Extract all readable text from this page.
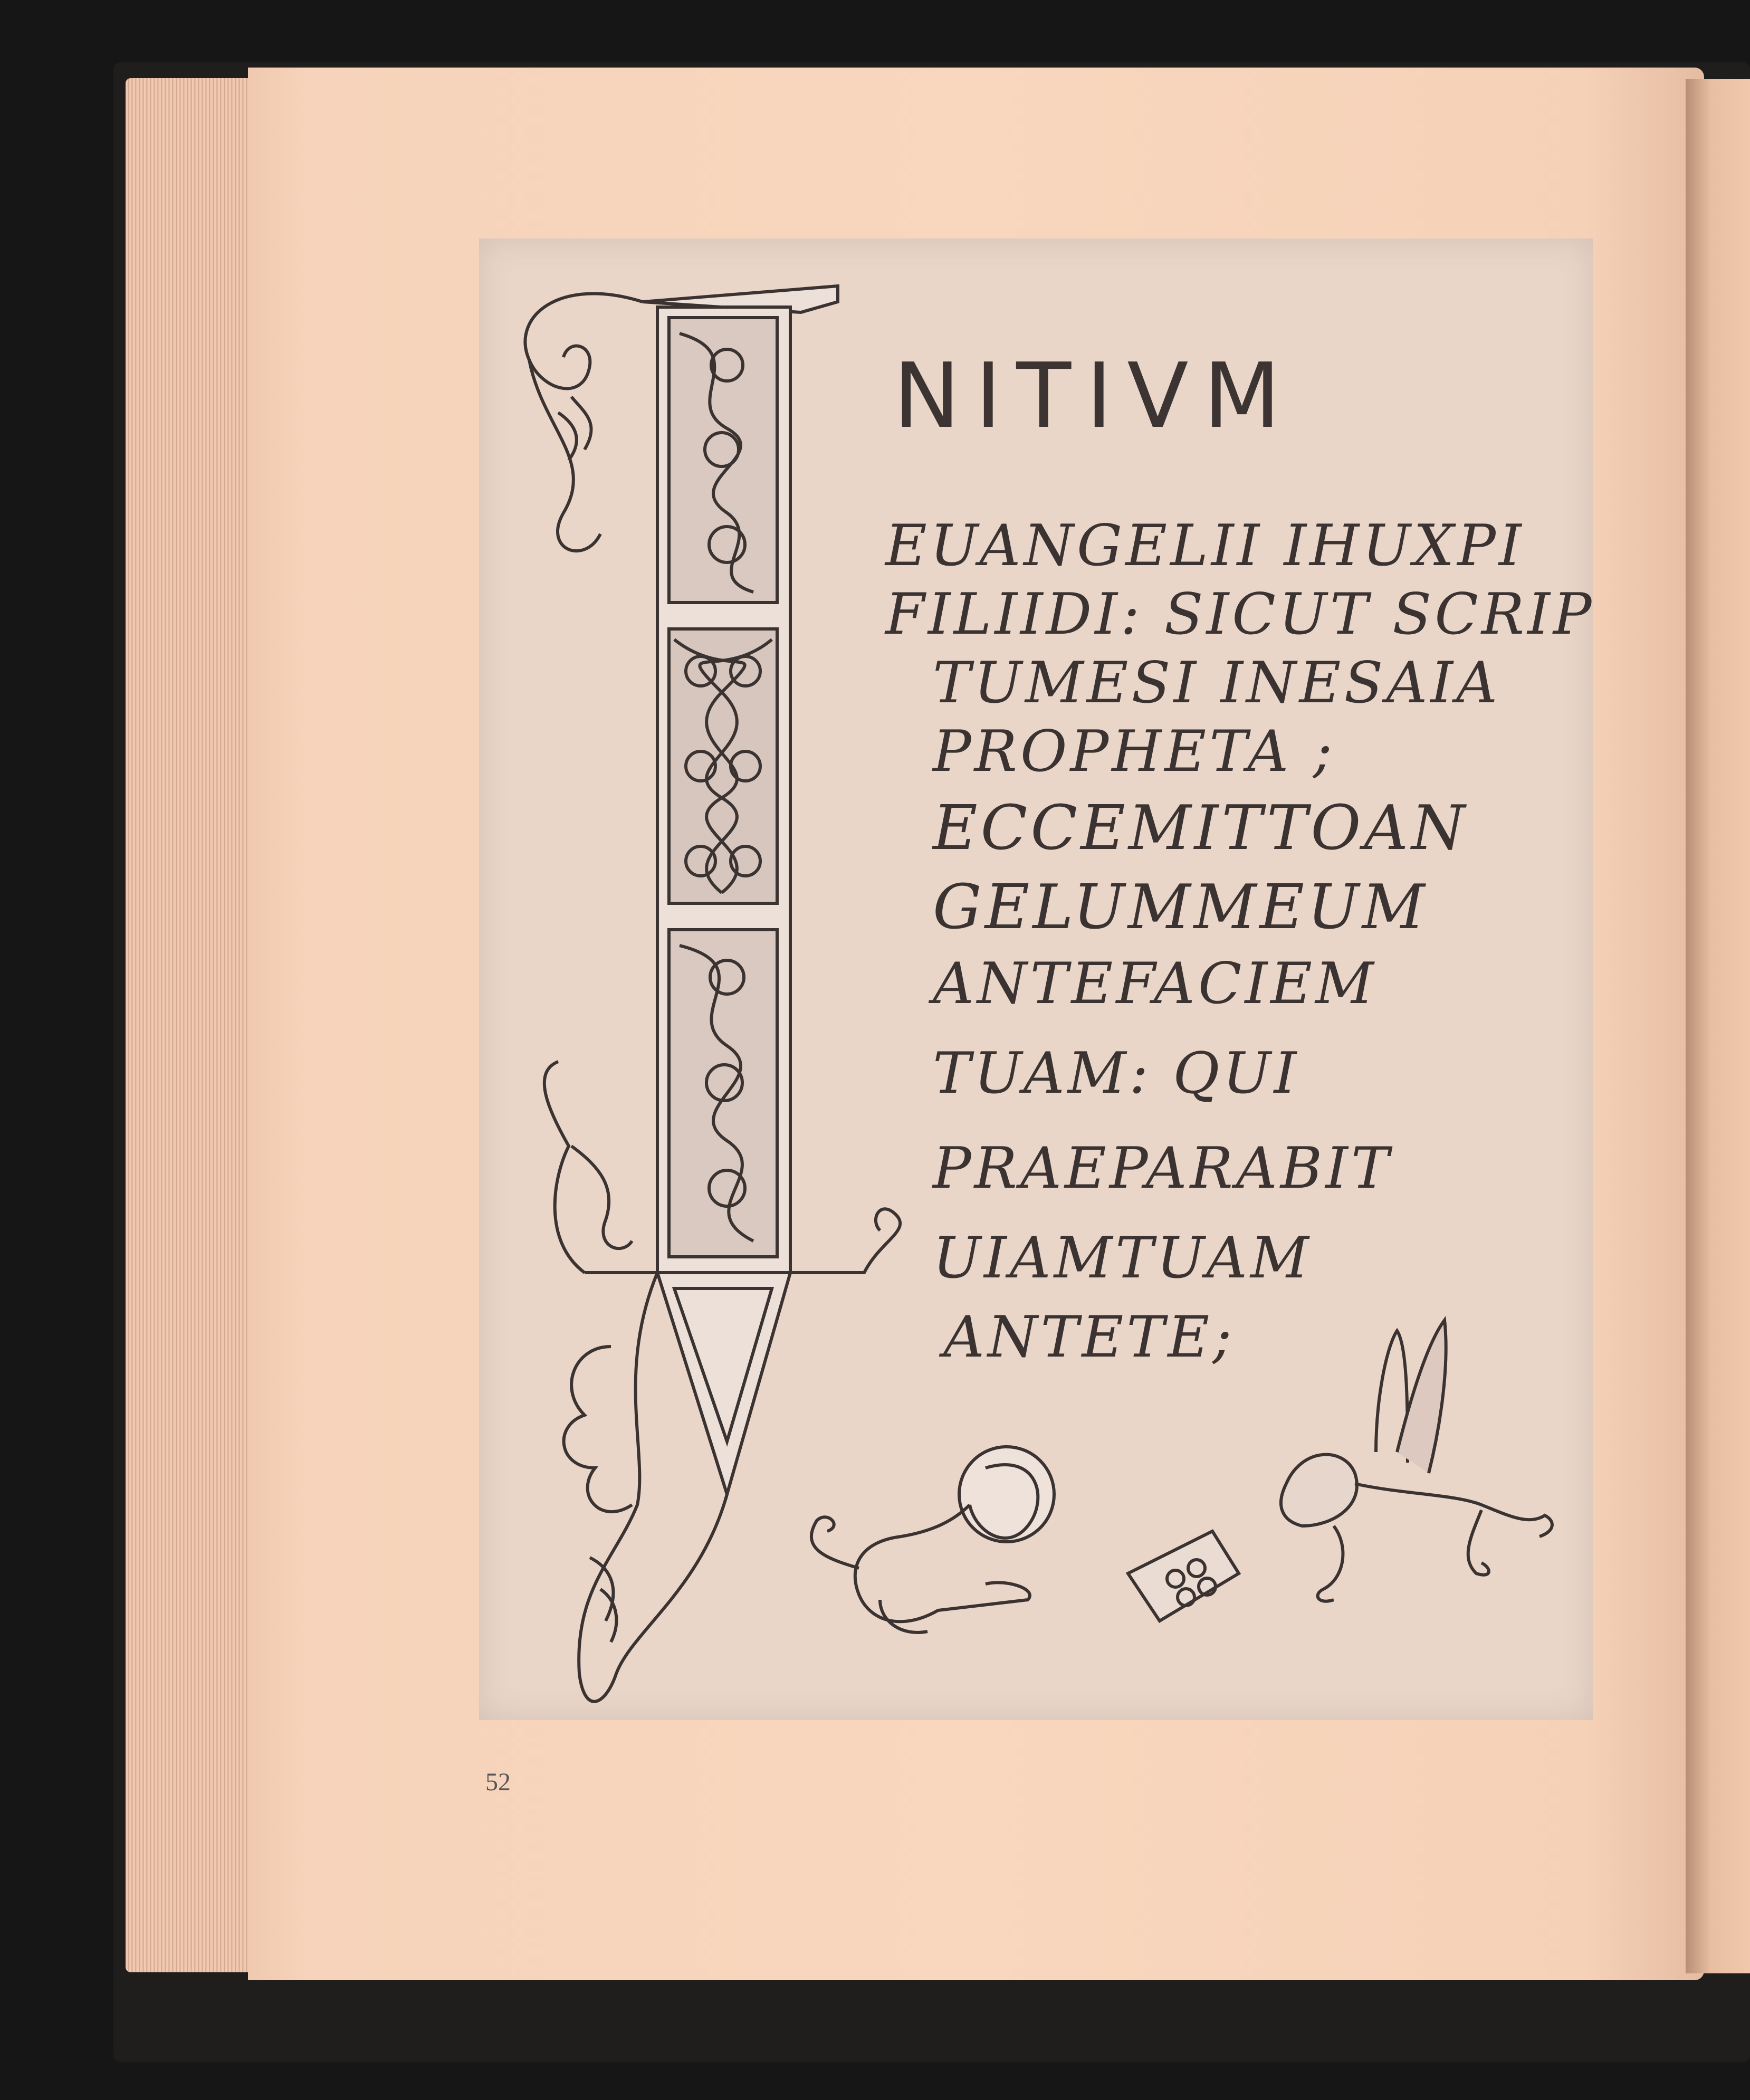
NITIVM
EUANGELII IHUXPI
FILIIDI: SICUT SCRIP
TUMESI INESAIA
PROPHETA ;
ECCEMITTOAN
GELUMMEUM
ANTEFACIEM
TUAM: QUI
PRAEPARABIT
UIAMTUAM
ANTETE;
52
